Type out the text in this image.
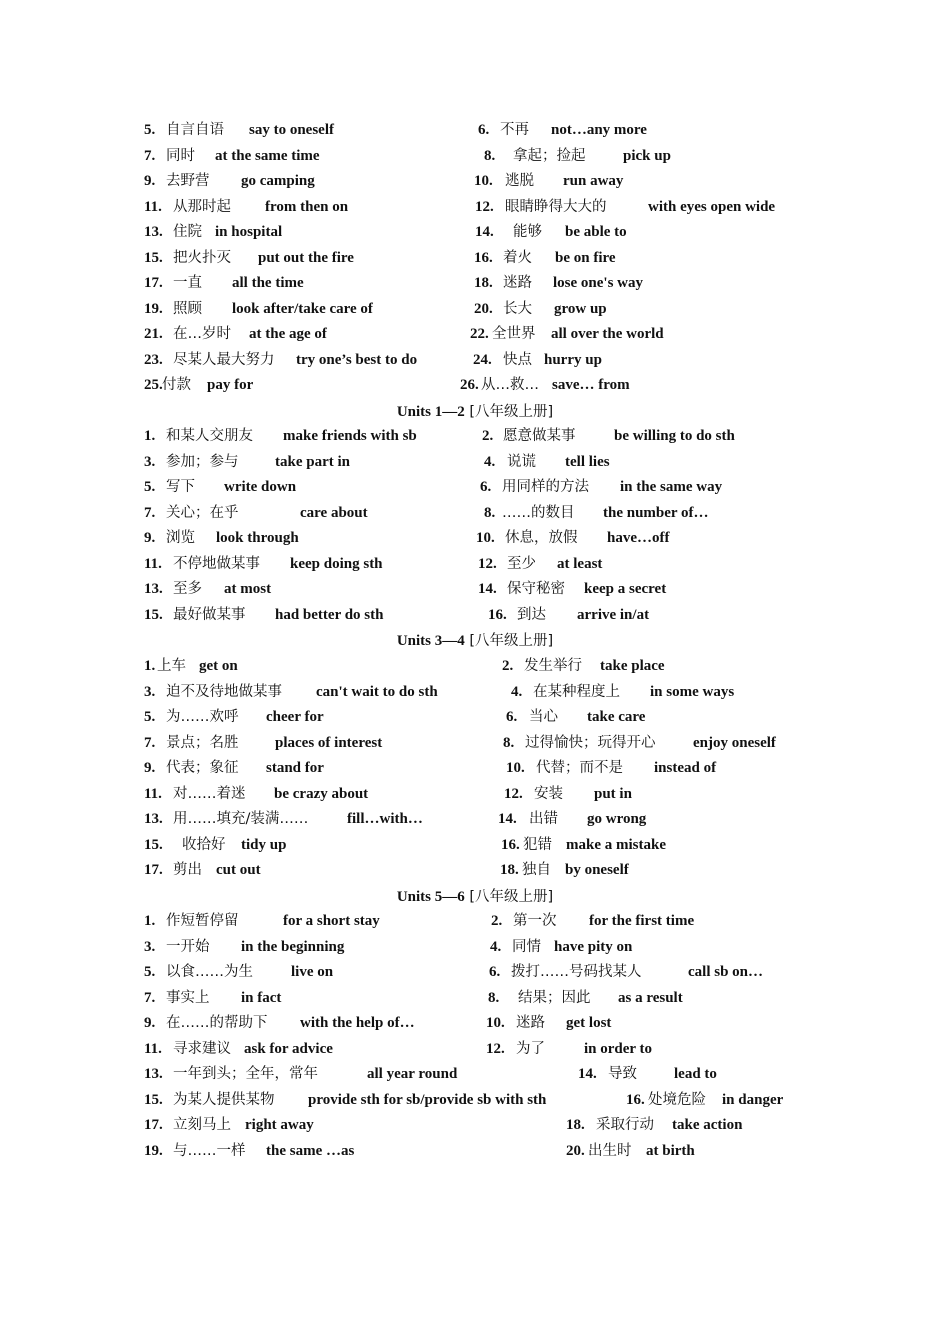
5. 自言自语 say to oneself	6. 不再 not…any more
7. 同时 at the same time	8. 拿起；捡起	pick up
9. 去野营 go camping	10. 逃脱 run away
11. 从那时起 from then on	12. 眼睛睁得大大的	with eyes open wide
13. 住院 in hospital	14. 能够 be able to
15. 把火扑灭 put out the fire	16. 着火 be on fire
17. 一直 all the time	18. 迷路 lose one's way
19. 照顾 look after/take care of	20. 长大 grow up
21. 在…岁时 at the age of	22. 全世界 all over the world
23. 尽某人最大努力 try one’s best to do	24. 快点 hurry up
25. 付款 pay for	26. 从…救… save… from
Units 1—2 [八年级上册]
1. 和某人交朋友 make friends with sb	2. 愿意做某事	be willing to do sth
3. 参加；参与 take part in	4. 说谎 tell lies
5. 写下 write down	6. 用同样的方法 in the same way
7. 关心；在乎	care about	8. ……的数目 the number of…
9. 浏览 look through	10. 休息，放假 have…off
11. 不停地做某事 keep doing sth	12. 至少 at least
13. 至多 at most	14. 保守秘密 keep a secret
15. 最好做某事 had better do sth	16. 到达 arrive in/at
Units 3—4 [八年级上册]
1. 上车 get on	2. 发生举行 take place
3. 迫不及待地做某事 can't wait to do sth	4. 在某种程度上 in some ways
5. 为……欢呼 cheer for	6. 当心 take care
7. 景点；名胜 places of interest	8. 过得愉快；玩得开心	enjoy oneself
9. 代表；象征 stand for	10. 代替；而不是 instead of
11. 对……着迷 be crazy about	12. 安装 put in
13. 用……填充/装满……	fill…with…	14. 出错 go wrong
15. 收拾好 tidy up	16. 犯错 make a mistake
17. 剪出 cut out	18. 独自 by oneself
Units 5—6 [八年级上册]
1. 作短暂停留	for a short stay	2. 第一次 for the first time
3. 一开始 in the beginning	4. 同情 have pity on
5. 以食……为生	live on	6. 拨打……号码找某人	call sb on…
7. 事实上 in fact	8. 结果；因此 as a result
9. 在……的帮助下 with the help of…	10. 迷路 get lost
11. 寻求建议 ask for advice	12. 为了	in order to
13. 一年到头；全年，常年	all year round	14. 导致 lead to
15. 为某人提供某物 provide sth for sb/provide sb with sth	16. 处境危险 in danger
17. 立刻马上 right away	18. 采取行动 take action
19. 与……一样 the same …as	20. 出生时 at birth
